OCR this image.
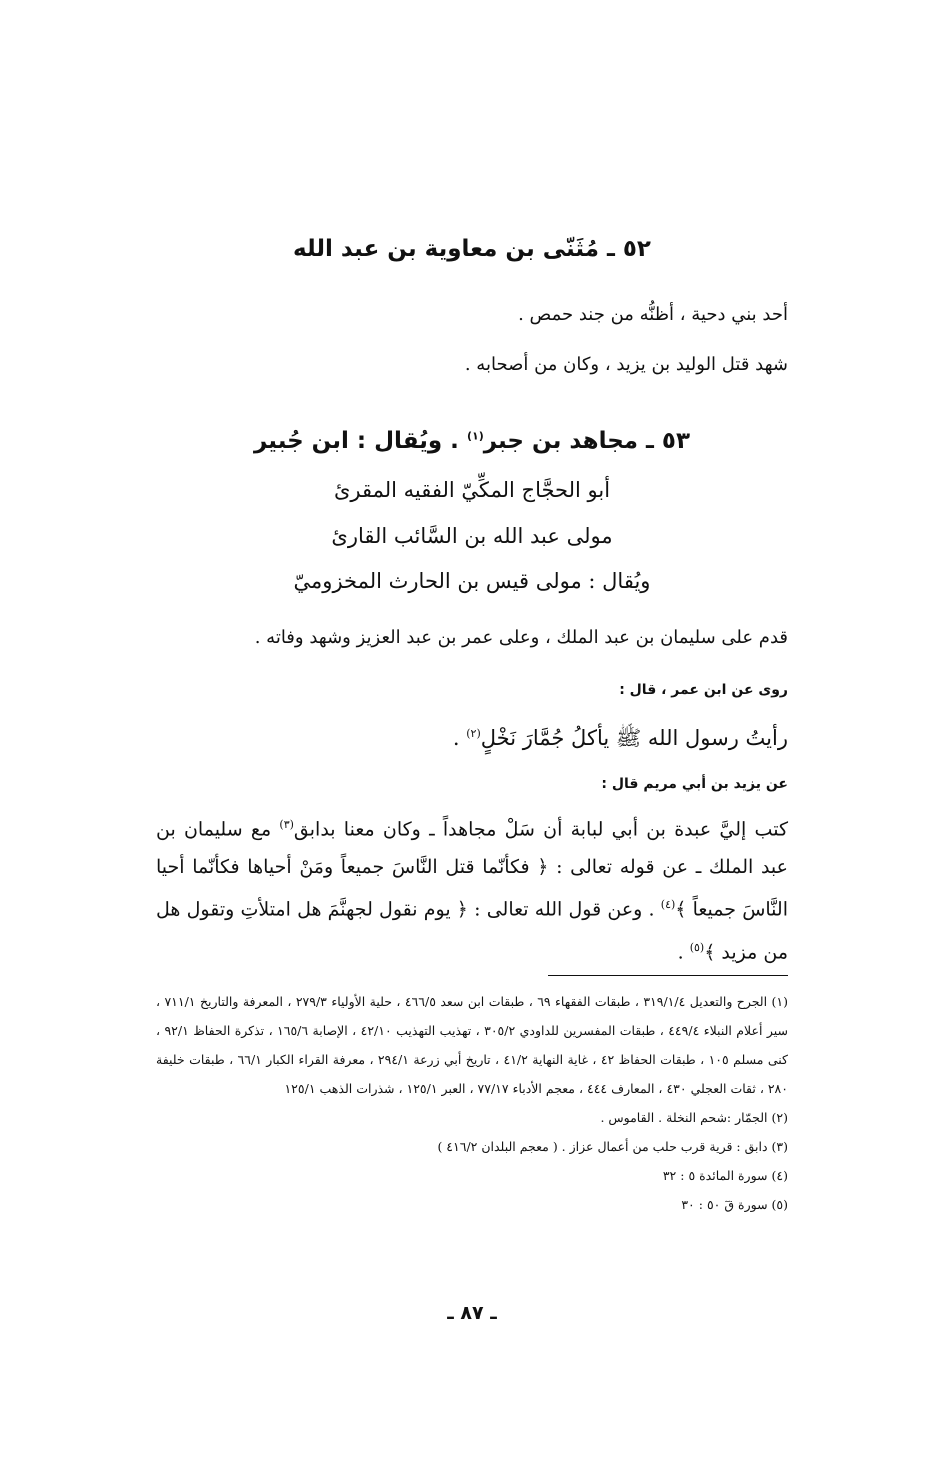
٥٢ ـ مُثَنّى بن معاوية بن عبد الله
أحد بني دحية ، أظنُّه من جند حمص .
شهد قتل الوليد بن يزيد ، وكان من أصحابه .
٥٣ ـ مجاهد بن جبر$^{(١)}$ . ويُقال : ابن جُبير
أبو الحجَّاج المكِّيّ الفقيه المقرئ
مولى عبد الله بن السَّائب القارئ
ويُقال : مولى قيس بن الحارث المخزوميّ
قدم على سليمان بن عبد الملك ، وعلى عمر بن عبد العزيز وشهد وفاته .
روى عن ابن عمر ، قال :
رأيتُ رسول الله ﷺ يأكلُ جُمَّارَ نَخْلٍ$^{(٢)}$ .
عن يزيد بن أبي مريم قال :
كتب إليَّ عبدة بن أبي لبابة أن سَلْ مجاهداً ـ وكان معنا بدابق$^{(٣)}$ مع سليمان بن عبد الملك ـ عن قوله تعالى : ﴿ فكأنّما قتل النَّاسَ جميعاً ومَنْ أحياها فكأنّما أحيا النَّاسَ جميعاً ﴾$^{(٤)}$ . وعن قول الله تعالى : ﴿ يوم نقول لجهنَّمَ هل امتلأتِ وتقول هل من مزيد ﴾$^{(٥)}$ .
(١) الجرح والتعديل ٣١٩/١/٤ ، طبقات الفقهاء ٦٩ ، طبقات ابن سعد ٤٦٦/٥ ، حلية الأولياء ٢٧٩/٣ ، المعرفة والتاريخ ٧١١/١ ، سير أعلام النبلاء ٤٤٩/٤ ، طبقات المفسرين للداودي ٣٠٥/٢ ، تهذيب التهذيب ٤٢/١٠ ، الإصابة ١٦٥/٦ ، تذكرة الحفاظ ٩٢/١ ، كنى مسلم ١٠٥ ، طبقات الحفاظ ٤٢ ، غاية النهاية ٤١/٢ ، تاريخ أبي زرعة ٢٩٤/١ ، معرفة القراء الكبار ٦٦/١ ، طبقات خليفة ٢٨٠ ، ثقات العجلي ٤٣٠ ، المعارف ٤٤٤ ، معجم الأدباء ٧٧/١٧ ، العبر ١٢٥/١ ، شذرات الذهب ١٢٥/١
(٢) الجمّار :شحم النخلة . القاموس .
(٣) دابق : قرية قرب حلب من أعمال عزاز . ( معجم البلدان ٤١٦/٢ )
(٤) سورة المائدة ٥ : ٣٢
(٥) سورة قٓ ٥٠ : ٣٠
ـ ٨٧ ـ
